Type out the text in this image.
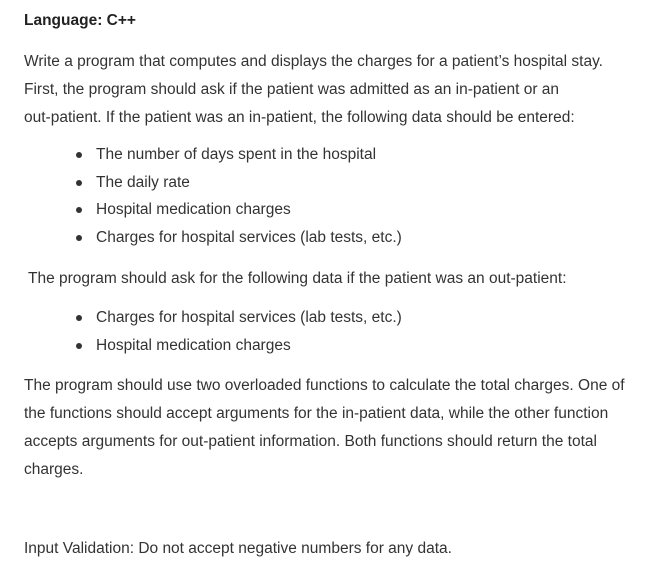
Language: C++

Write a program that computes and displays the charges for a patient’s hospital stay.
First, the program should ask if the patient was admitted as an in-patient or an
out-patient. If the patient was an in-patient, the following data should be entered:

The number of days spent in the hospital
The daily rate
Hospital medication charges
Charges for hospital services (lab tests, etc.)

The program should ask for the following data if the patient was an out-patient:

Charges for hospital services (lab tests, etc.)
Hospital medication charges

The program should use two overloaded functions to calculate the total charges. One of
the functions should accept arguments for the in-patient data, while the other function
accepts arguments for out-patient information. Both functions should return the total
charges.

Input Validation: Do not accept negative numbers for any data.
